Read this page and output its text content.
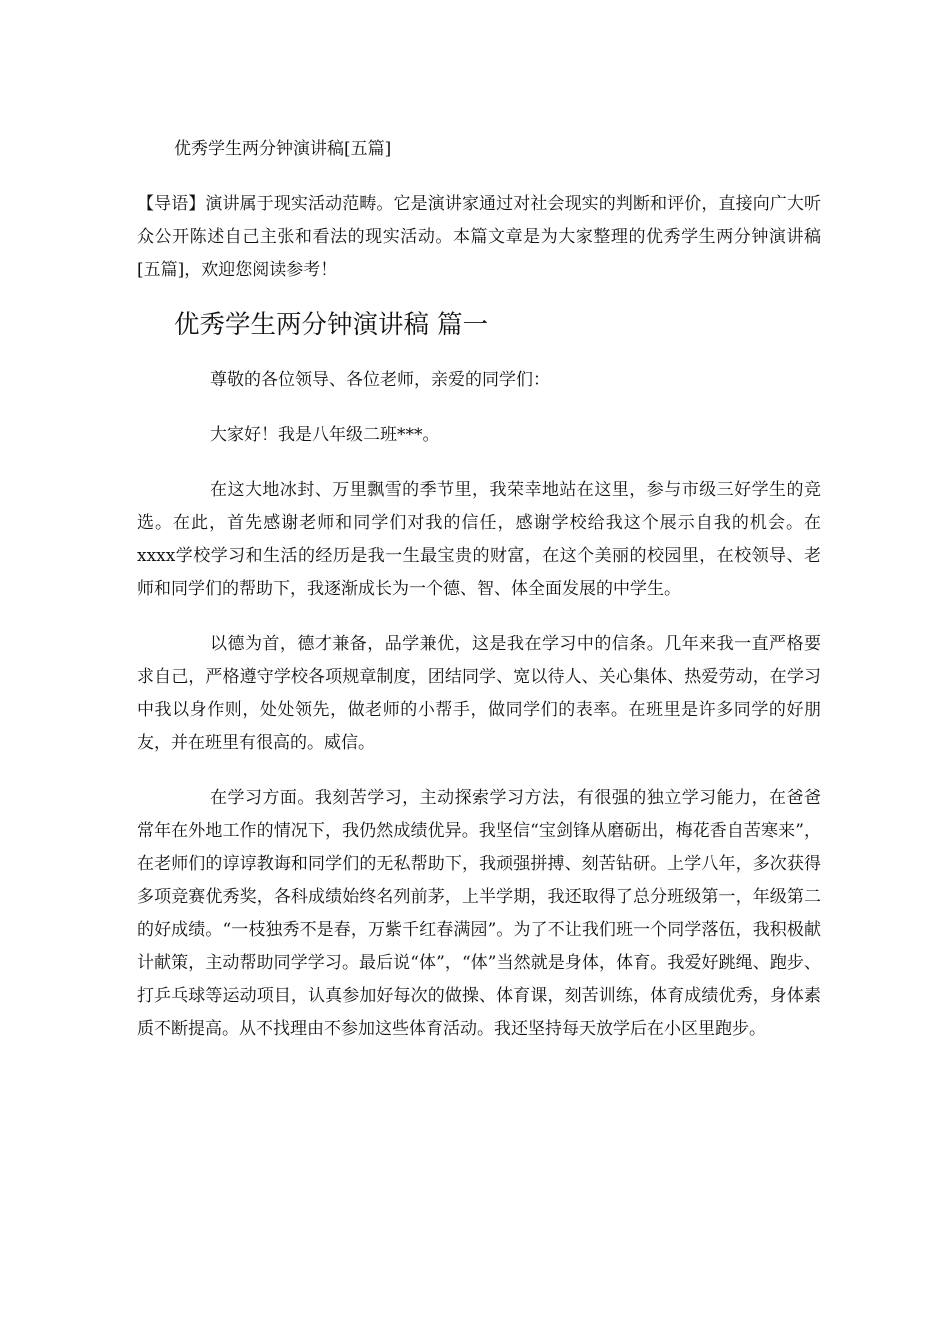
优秀学生两分钟演讲稿[五篇]

【导语】演讲属于现实活动范畴。它是演讲家通过对社会现实的判断和评价，直接向广大听众公开陈述自己主张和看法的现实活动。本篇文章是为大家整理的优秀学生两分钟演讲稿[五篇]，欢迎您阅读参考！

优秀学生两分钟演讲稿 篇一

尊敬的各位领导、各位老师，亲爱的同学们：

大家好！我是八年级二班***。

在这大地冰封、万里飘雪的季节里，我荣幸地站在这里，参与市级三好学生的竞选。在此，首先感谢老师和同学们对我的信任，感谢学校给我这个展示自我的机会。在xxxx学校学习和生活的经历是我一生最宝贵的财富，在这个美丽的校园里，在校领导、老师和同学们的帮助下，我逐渐成长为一个德、智、体全面发展的中学生。

以德为首，德才兼备，品学兼优，这是我在学习中的信条。几年来我一直严格要求自己，严格遵守学校各项规章制度，团结同学、宽以待人、关心集体、热爱劳动，在学习中我以身作则，处处领先，做老师的小帮手，做同学们的表率。在班里是许多同学的好朋友，并在班里有很高的。威信。

在学习方面。我刻苦学习，主动探索学习方法，有很强的独立学习能力，在爸爸常年在外地工作的情况下，我仍然成绩优异。我坚信“宝剑锋从磨砺出，梅花香自苦寒来”，在老师们的谆谆教诲和同学们的无私帮助下，我顽强拼搏、刻苦钻研。上学八年，多次获得多项竞赛优秀奖，各科成绩始终名列前茅，上半学期，我还取得了总分班级第一，年级第二的好成绩。“一枝独秀不是春，万紫千红春满园”。为了不让我们班一个同学落伍，我积极献计献策，主动帮助同学学习。最后说“体”，“体”当然就是身体，体育。我爱好跳绳、跑步、打乒乓球等运动项目，认真参加好每次的做操、体育课，刻苦训练，体育成绩优秀，身体素质不断提高。从不找理由不参加这些体育活动。我还坚持每天放学后在小区里跑步。
